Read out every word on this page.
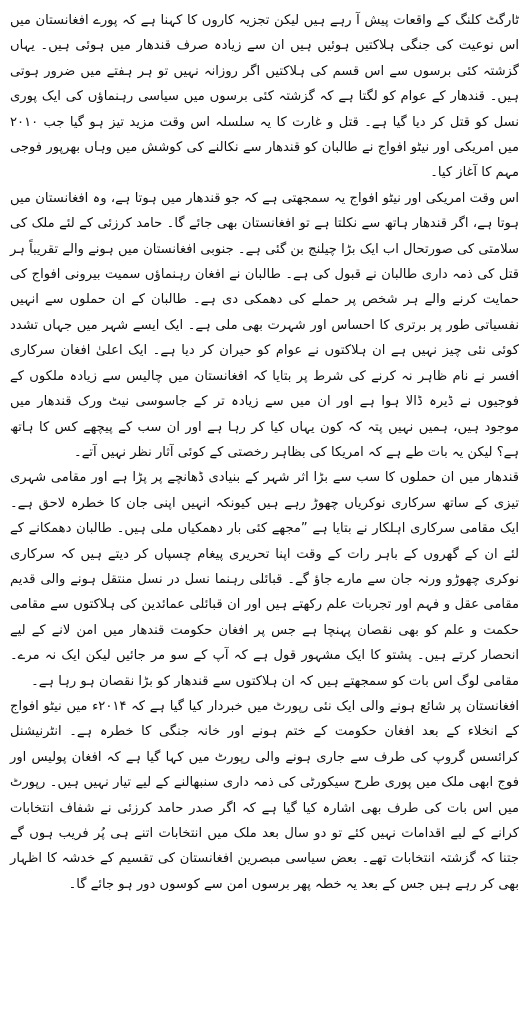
ٹارگٹ کلنگ کے واقعات پیش آ رہے ہیں لیکن تجزیہ کاروں کا کہنا ہے کہ پورے افغانستان میں اس نوعیت کی جنگی ہلاکتیں ہوئیں ہیں ان سے زیادہ صرف قندھار میں ہوئی ہیں۔ یہاں گزشتہ کئی برسوں سے اس قسم کی ہلاکتیں اگر روزانہ نہیں تو ہر ہفتے میں ضرور ہوتی ہیں۔ قندھار کے عوام کو لگتا ہے کہ گزشتہ کئی برسوں میں سیاسی رہنماؤں کی ایک پوری نسل کو قتل کر دیا گیا ہے۔ قتل و غارت کا یہ سلسلہ اس وقت مزید تیز ہو گیا جب ۲۰۱۰ میں امریکی اور نیٹو افواج نے طالبان کو قندھار سے نکالنے کی کوشش میں وہاں بھرپور فوجی مہم کا آغاز کیا۔

اس وقت امریکی اور نیٹو افواج یہ سمجھتی ہے کہ جو قندھار میں ہوتا ہے، وہ افغانستان میں ہوتا ہے، اگر قندھار ہاتھ سے نکلتا ہے تو افغانستان بھی جائے گا۔ حامد کرزئی کے لئے ملک کی سلامتی کی صورتحال اب ایک بڑا چیلنج بن گئی ہے۔ جنوبی افغانستان میں ہونے والے تقریباً ہر قتل کی ذمہ داری طالبان نے قبول کی ہے۔ طالبان نے افغان رہنماؤں سمیت بیرونی افواج کی حمایت کرنے والے ہر شخص پر حملے کی دھمکی دی ہے۔ طالبان کے ان حملوں سے انہیں نفسیاتی طور پر برتری کا احساس اور شہرت بھی ملی ہے۔ ایک ایسے شہر میں جہاں تشدد کوئی نئی چیز نہیں ہے ان ہلاکتوں نے عوام کو حیران کر دیا ہے۔ ایک اعلیٰ افغان سرکاری افسر نے نام ظاہر نہ کرنے کی شرط پر بتایا کہ افغانستان میں چالیس سے زیادہ ملکوں کے فوجیوں نے ڈیرہ ڈالا ہوا ہے اور ان میں سے زیادہ تر کے جاسوسی نیٹ ورک قندھار میں موجود ہیں، ہمیں نہیں پتہ کہ کون یہاں کیا کر رہا ہے اور ان سب کے پیچھے کس کا ہاتھ ہے؟ لیکن یہ بات طے ہے کہ امریکا کی بظاہر رخصتی کے کوئی آثار نظر نہیں آتے۔

قندھار میں ان حملوں کا سب سے بڑا اثر شہر کے بنیادی ڈھانچے پر پڑا ہے اور مقامی شہری تیزی کے ساتھ سرکاری نوکریاں چھوڑ رہے ہیں کیونکہ انہیں اپنی جان کا خطرہ لاحق ہے۔ ایک مقامی سرکاری اہلکار نے بتایا ہے ”مجھے کئی بار دھمکیاں ملی ہیں۔ طالبان دھمکانے کے لئے ان کے گھروں کے باہر رات کے وقت اپنا تحریری پیغام چسپاں کر دیتے ہیں کہ سرکاری نوکری چھوڑو ورنہ جان سے مارے جاؤ گے۔ قبائلی رہنما نسل در نسل منتقل ہونے والی قدیم مقامی عقل و فہم اور تجربات علم رکھتے ہیں اور ان قبائلی عمائدین کی ہلاکتوں سے مقامی حکمت و علم کو بھی نقصان پہنچا ہے جس پر افغان حکومت قندھار میں امن لانے کے لیے انحصار کرتے ہیں۔ پشتو کا ایک مشہور قول ہے کہ آپ کے سو مر جائیں لیکن ایک نہ مرے۔ مقامی لوگ اس بات کو سمجھتے ہیں کہ ان ہلاکتوں سے قندھار کو بڑا نقصان ہو رہا ہے۔

افغانستان پر شائع ہونے والی ایک نئی رپورٹ میں خبردار کیا گیا ہے کہ ۲۰۱۴ء میں نیٹو افواج کے انخلاء کے بعد افغان حکومت کے ختم ہونے اور خانہ جنگی کا خطرہ ہے۔ انٹرنیشنل کرائسس گروپ کی طرف سے جاری ہونے والی رپورٹ میں کہا گیا ہے کہ افغان پولیس اور فوج ابھی ملک میں پوری طرح سیکورٹی کی ذمہ داری سنبھالنے کے لیے تیار نہیں ہیں۔ رپورٹ میں اس بات کی طرف بھی اشارہ کیا گیا ہے کہ اگر صدر حامد کرزئی نے شفاف انتخابات کرانے کے لیے اقدامات نہیں کئے تو دو سال بعد ملک میں انتخابات اتنے ہی پُر فریب ہوں گے جتنا کہ گزشتہ انتخابات تھے۔ بعض سیاسی مبصرین افغانستان کی تقسیم کے خدشہ کا اظہار بھی کر رہے ہیں جس کے بعد یہ خطہ پھر برسوں امن سے کوسوں دور ہو جائے گا۔
